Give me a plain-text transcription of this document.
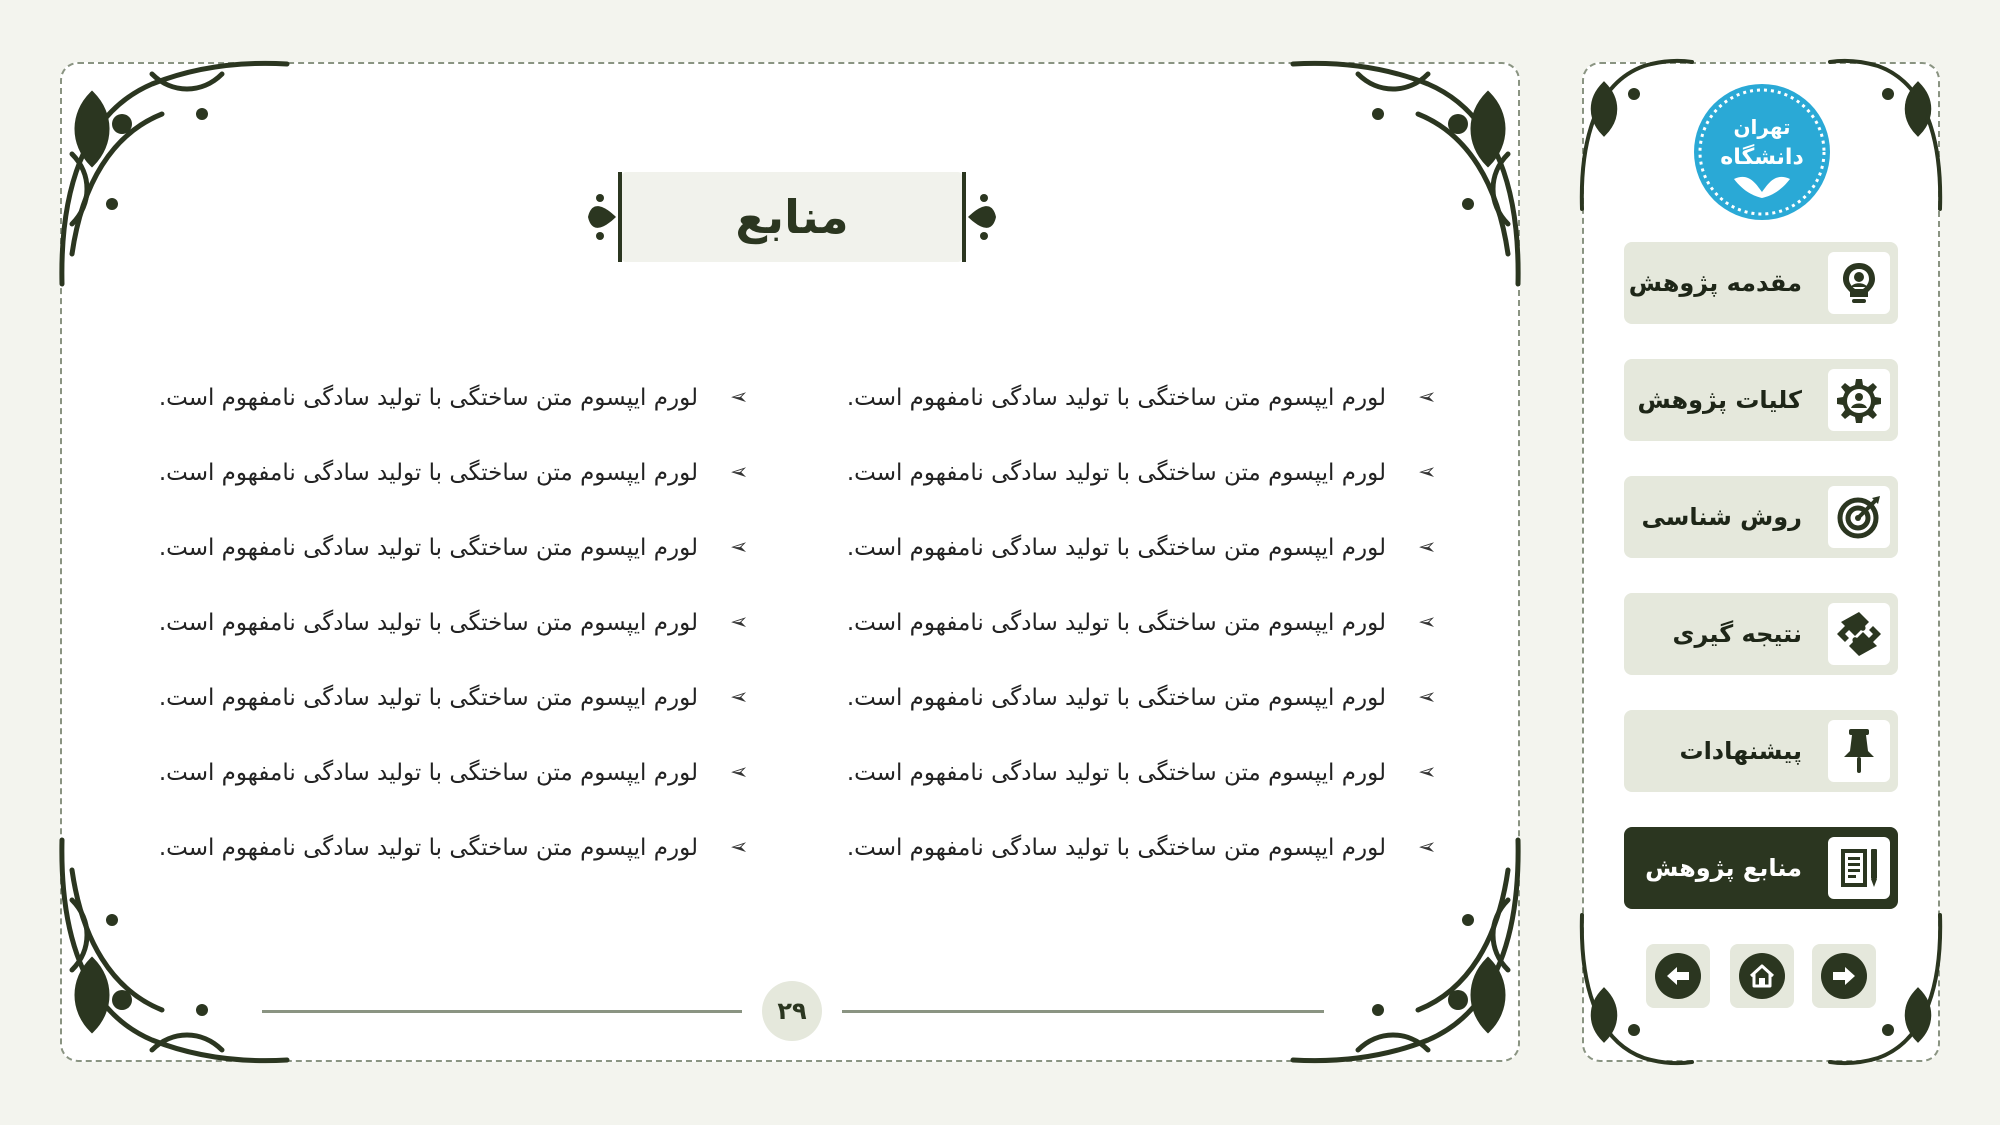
منابع
➢
لورم ایپسوم متن ساختگی با تولید سادگی نامفهوم است.
➢
لورم ایپسوم متن ساختگی با تولید سادگی نامفهوم است.
➢
لورم ایپسوم متن ساختگی با تولید سادگی نامفهوم است.
➢
لورم ایپسوم متن ساختگی با تولید سادگی نامفهوم است.
➢
لورم ایپسوم متن ساختگی با تولید سادگی نامفهوم است.
➢
لورم ایپسوم متن ساختگی با تولید سادگی نامفهوم است.
➢
لورم ایپسوم متن ساختگی با تولید سادگی نامفهوم است.
➢
لورم ایپسوم متن ساختگی با تولید سادگی نامفهوم است.
➢
لورم ایپسوم متن ساختگی با تولید سادگی نامفهوم است.
➢
لورم ایپسوم متن ساختگی با تولید سادگی نامفهوم است.
➢
لورم ایپسوم متن ساختگی با تولید سادگی نامفهوم است.
➢
لورم ایپسوم متن ساختگی با تولید سادگی نامفهوم است.
➢
لورم ایپسوم متن ساختگی با تولید سادگی نامفهوم است.
➢
لورم ایپسوم متن ساختگی با تولید سادگی نامفهوم است.
۲۹
تهران
دانشگاه
مقدمه پژوهش
کلیات پژوهش
روش شناسی
نتیجه گیری
پیشنهادات
منابع پژوهش
